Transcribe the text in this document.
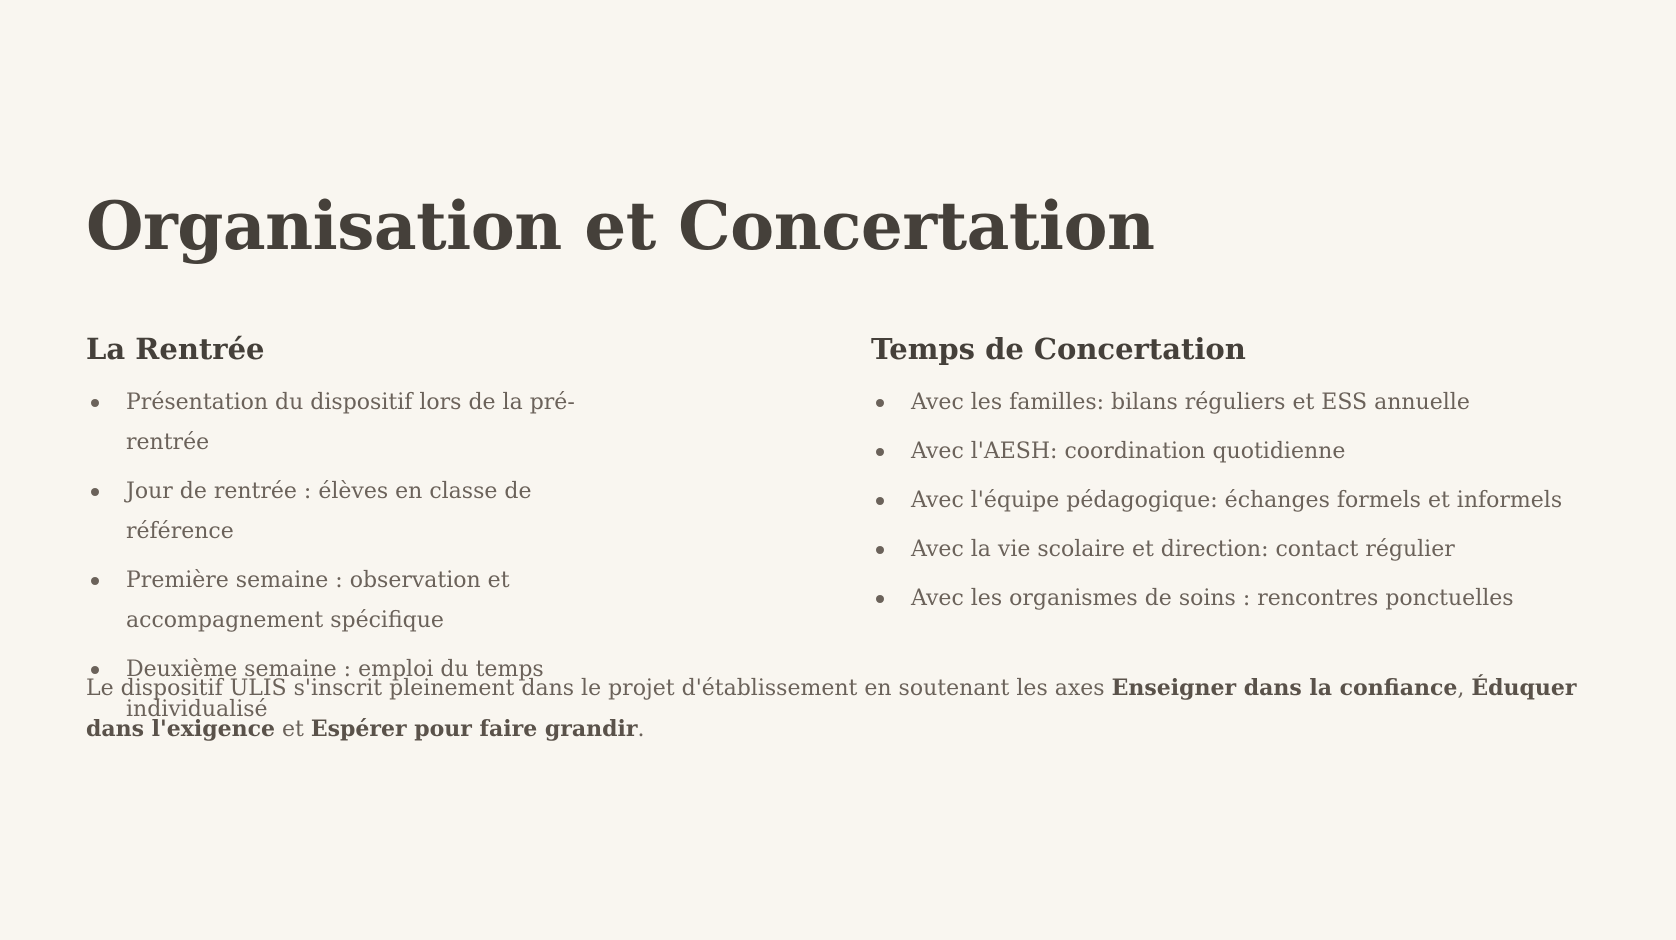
Organisation et Concertation
La Rentrée
Présentation du dispositif lors de la pré-rentrée
Jour de rentrée : élèves en classe de référence
Première semaine : observation et accompagnement spécifique
Deuxième semaine : emploi du temps individualisé
Temps de Concertation
Avec les familles: bilans réguliers et ESS annuelle
Avec l'AESH: coordination quotidienne
Avec l'équipe pédagogique: échanges formels et informels
Avec la vie scolaire et direction: contact régulier
Avec les organismes de soins : rencontres ponctuelles

Le dispositif ULIS s'inscrit pleinement dans le projet d'établissement en soutenant les axes Enseigner dans la confiance, Éduquer dans l'exigence et Espérer pour faire grandir.
